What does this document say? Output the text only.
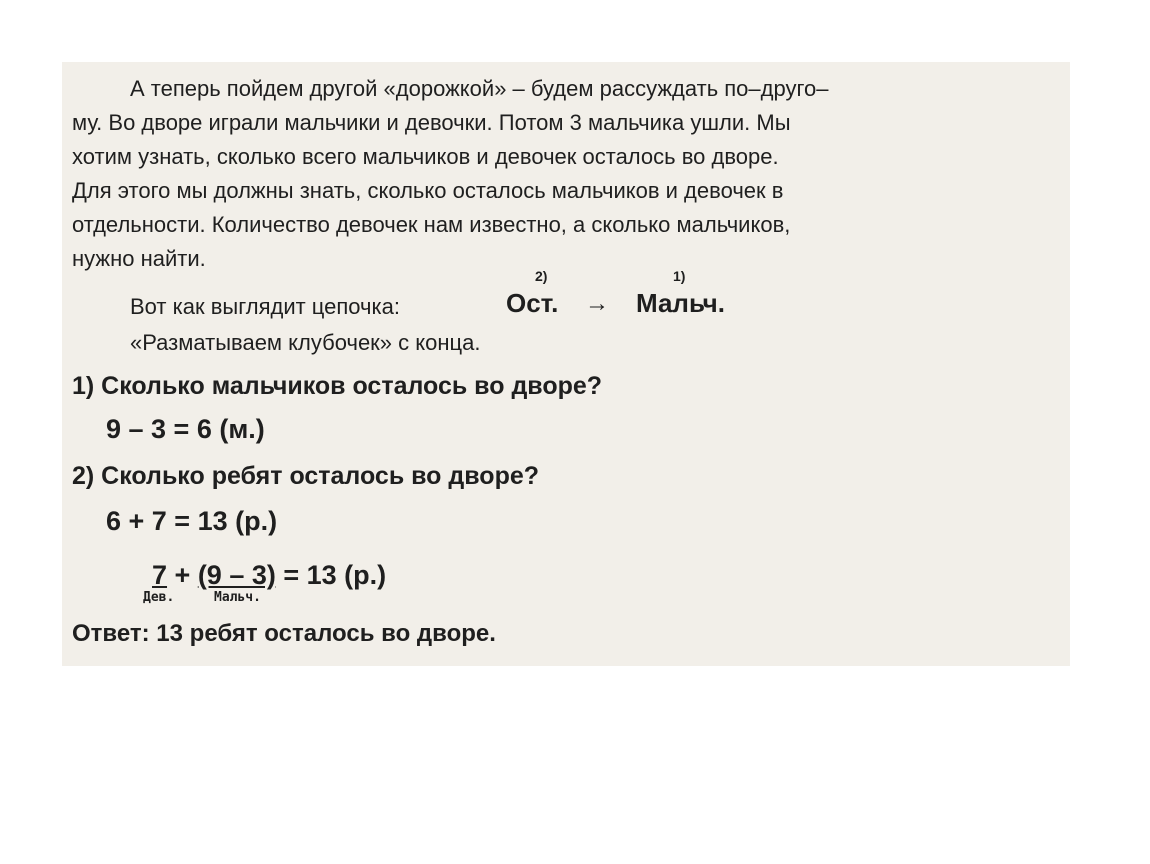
А теперь пойдем другой «дорожкой» – будем рассуждать по–друго–
му. Во дворе играли мальчики и девочки. Потом 3 мальчика ушли. Мы
хотим узнать, сколько всего мальчиков и девочек осталось во дворе.
Для этого мы должны знать, сколько осталось мальчиков и девочек в
отдельности. Количество девочек нам известно, а сколько мальчиков,
нужно найти.
Вот как выглядит цепочка:
2)
Ост. →
1)
Мальч.
«Разматываем клубочек» с конца.
1) Сколько мальчиков осталось во дворе?
9 – 3 = 6 (м.)
2) Сколько ребят осталось во дворе?
6 + 7 = 13 (р.)
7 + (9 – 3) = 13 (р.)
Дев.	Мальч.
Ответ: 13 ребят осталось во дворе.
